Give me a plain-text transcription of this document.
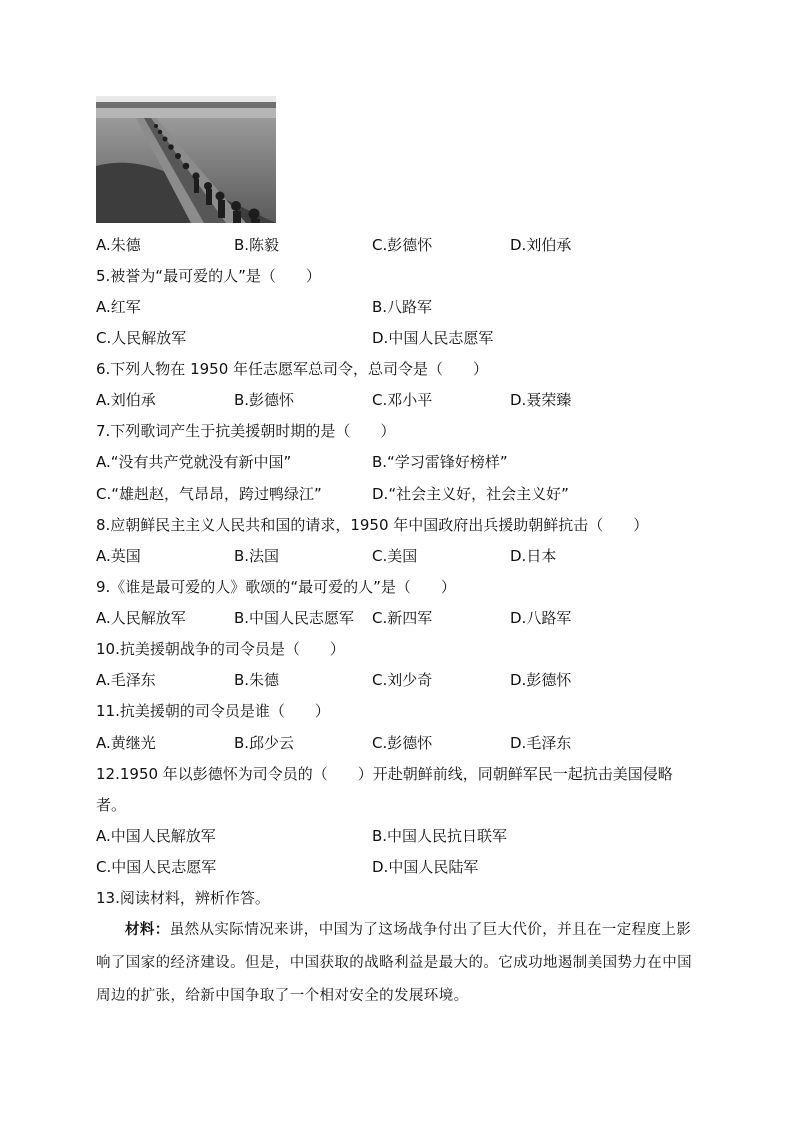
A.朱德	B.陈毅	C.彭德怀	D.刘伯承
5.被誉为“最可爱的人”是（　　）
A.红军	B.八路军
C.人民解放军	D.中国人民志愿军
6.下列人物在 1950 年任志愿军总司令，总司令是（　　）
A.刘伯承	B.彭德怀	C.邓小平	D.聂荣臻
7.下列歌词产生于抗美援朝时期的是（　　）
A.“没有共产党就没有新中国”	B.“学习雷锋好榜样”
C.“雄赳赵，气昂昂，跨过鸭绿江”	D.“社会主义好，社会主义好”
8.应朝鲜民主主义人民共和国的请求，1950 年中国政府出兵援助朝鲜抗击（　　）
A.英国	B.法国	C.美国	D.日本
9.《谁是最可爱的人》歌颂的“最可爱的人”是（　　）
A.人民解放军	B.中国人民志愿军 C.新四军	D.八路军
10.抗美援朝战争的司令员是（　　）
A.毛泽东	B.朱德	C.刘少奇	D.彭德怀
11.抗美援朝的司令员是谁（　　）
A.黄继光	B.邱少云	C.彭德怀	D.毛泽东
12.1950 年以彭德怀为司令员的（　　）开赴朝鲜前线，同朝鲜军民一起抗击美国侵略
者。
A.中国人民解放军	B.中国人民抗日联军
C.中国人民志愿军	D.中国人民陆军
13.阅读材料，辨析作答。
材料：虽然从实际情况来讲，中国为了这场战争付出了巨大代价，并且在一定程度上影响了国家的经济建设。但是，中国获取的战略利益是最大的。它成功地遏制美国势力在中国周边的扩张，给新中国争取了一个相对安全的发展环境。
